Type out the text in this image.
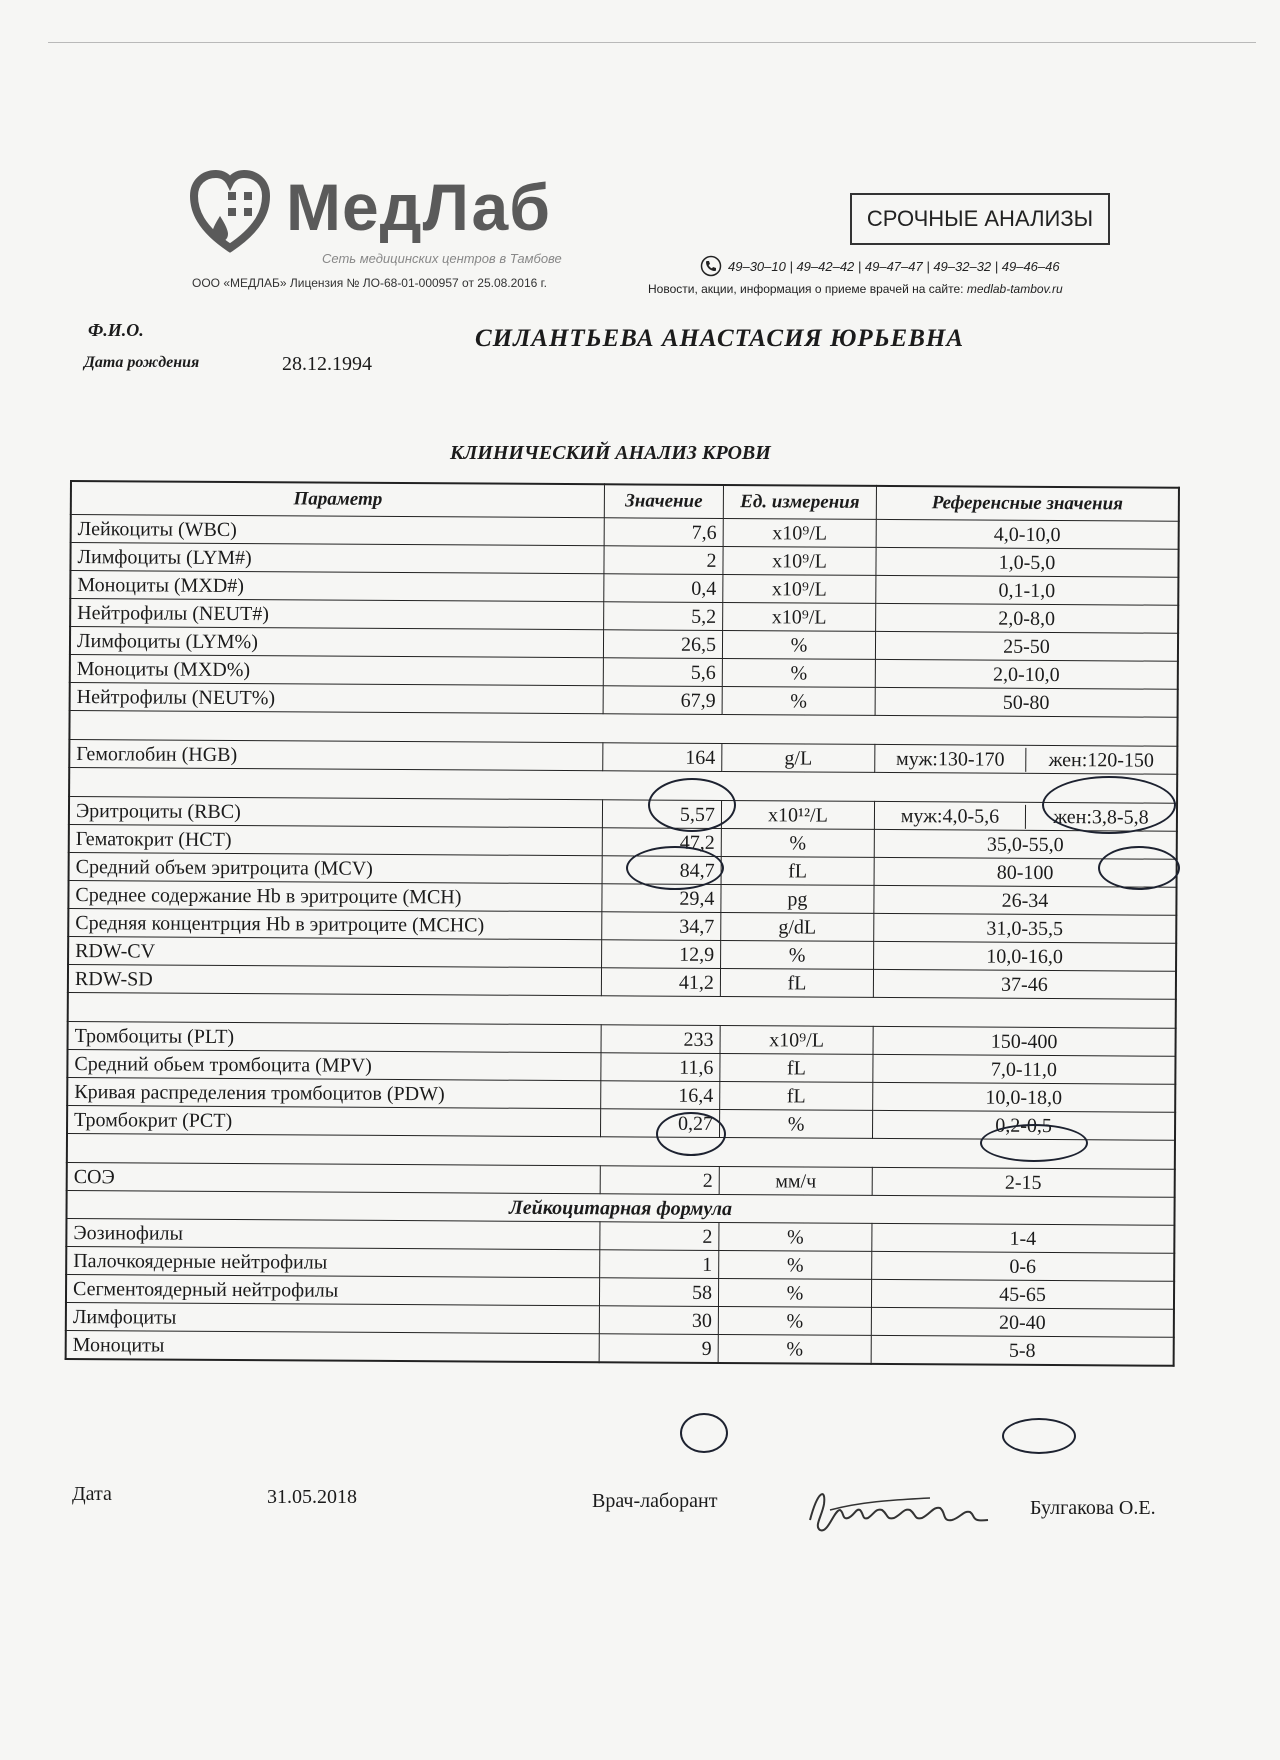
МедЛаб
Сеть медицинских центров в Тамбове
ООО «МЕДЛАБ» Лицензия № ЛО-68-01-000957 от 25.08.2016 г.
СРОЧНЫЕ АНАЛИЗЫ
49–30–10 | 49–42–42 | 49–47–47 | 49–32–32 | 49–46–46
Новости, акции, информация о приеме врачей на сайте: medlab-tambov.ru
Ф.И.О.	СИЛАНТЬЕВА АНАСТАСИЯ ЮРЬЕВНА
Дата рождения	28.12.1994
КЛИНИЧЕСКИЙ АНАЛИЗ КРОВИ
Параметр	Значение	Ед. измерения	Референсные значения
Лейкоциты (WBC)	7,6	x10⁹/L	4,0-10,0
Лимфоциты (LYM#)	2	x10⁹/L	1,0-5,0
Моноциты (MXD#)	0,4	x10⁹/L	0,1-1,0
Нейтрофилы (NEUT#)	5,2	x10⁹/L	2,0-8,0
Лимфоциты (LYM%)	26,5	%	25-50
Моноциты (MXD%)	5,6	%	2,0-10,0
Нейтрофилы (NEUT%)	67,9	%	50-80

Гемоглобин (HGB)	164	g/L	муж:130-170 жен:120-150

Эритроциты (RBC)	5,57	x10¹²/L	муж:4,0-5,6 жен:3,8-5,8

Гематокрит (HCT)	47,2	%	35,0-55,0
Средний объем эритроцита (MCV)	84,7	fL	80-100
Среднее содержание Hb в эритроците (MCH)	29,4	pg	26-34
Средняя концентрция Hb в эритроците (MCHC)	34,7	g/dL	31,0-35,5
RDW-CV	12,9	%	10,0-16,0
RDW-SD	41,2	fL	37-46

Тромбоциты (PLT)	233	x10⁹/L	150-400
Средний обьем тромбоцита (MPV)	11,6	fL	7,0-11,0
Кривая распределения тромбоцитов (PDW)	16,4	fL	10,0-18,0
Тромбокрит (PCT)	0,27	%	0,2-0,5

СОЭ	2	мм/ч	2-15
Лейкоцитарная формула			
Эозинофилы	2	%	1-4
Палочкоядерные нейтрофилы	1	%	0-6
Сегментоядерный нейтрофилы	58	%	45-65
Лимфоциты	30	%	20-40
Моноциты	9	%	5-8
Дата	31.05.2018	Врач-лаборант	Булгакова О.Е.
